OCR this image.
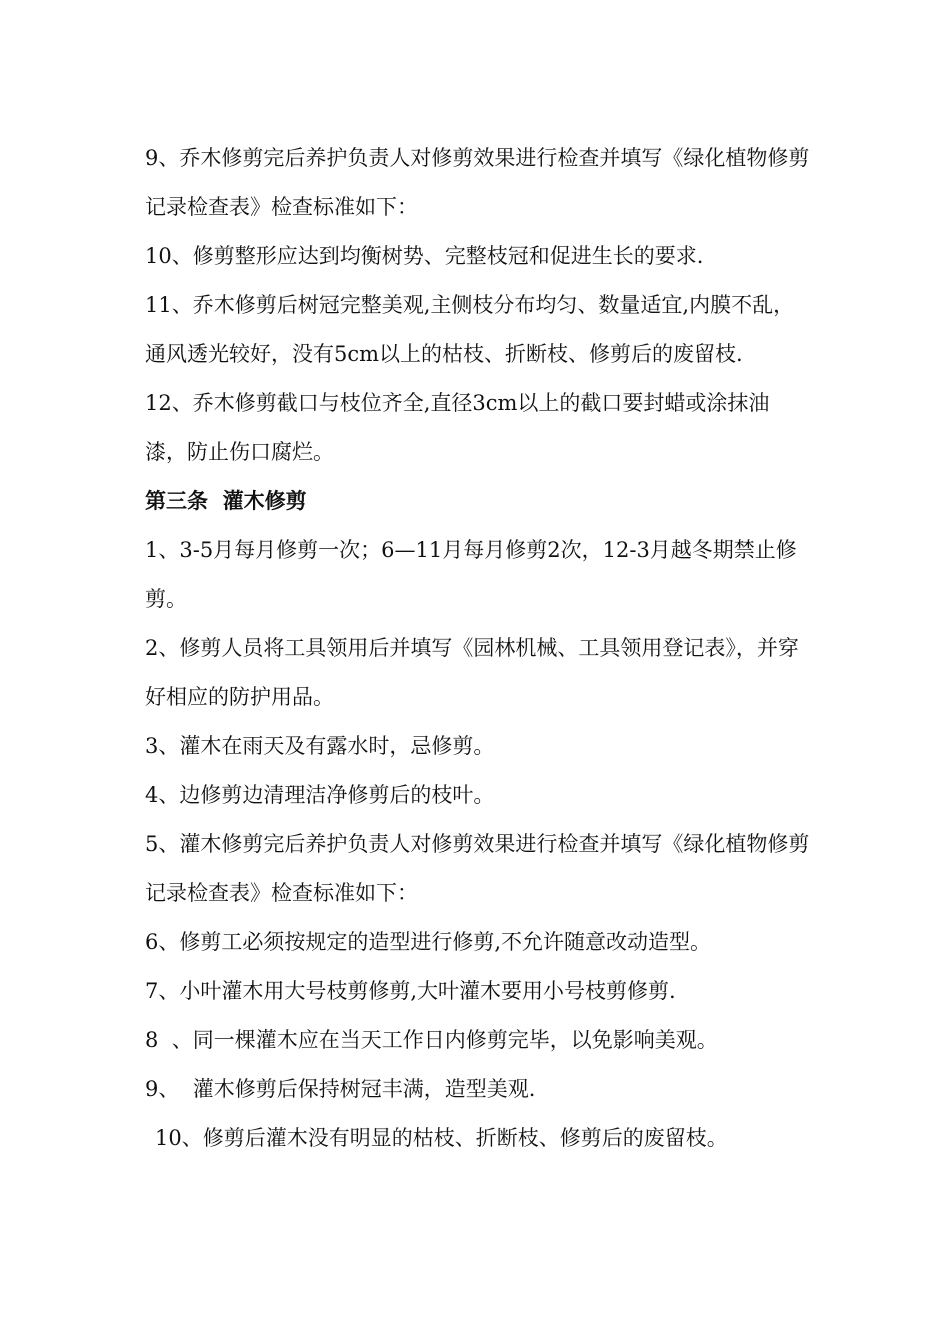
9、乔木修剪完后养护负责人对修剪效果进行检查并填写《绿化植物修剪记录检查表》检查标准如下：

10、修剪整形应达到均衡树势、完整枝冠和促进生长的要求.

11、乔木修剪后树冠完整美观,主侧枝分布均匀、数量适宜,内膜不乱，通风透光较好，没有5cm以上的枯枝、折断枝、修剪后的废留枝.

12、乔木修剪截口与枝位齐全,直径3cm以上的截口要封蜡或涂抹油漆，防止伤口腐烂。

第三条  灌木修剪

1、3-5月每月修剪一次；6—11月每月修剪2次，12-3月越冬期禁止修剪。

2、修剪人员将工具领用后并填写《园林机械、工具领用登记表》，并穿好相应的防护用品。

3、灌木在雨天及有露水时，忌修剪。

4、边修剪边清理洁净修剪后的枝叶。

5、灌木修剪完后养护负责人对修剪效果进行检查并填写《绿化植物修剪记录检查表》检查标准如下：

6、修剪工必须按规定的造型进行修剪,不允许随意改动造型。

7、小叶灌木用大号枝剪修剪,大叶灌木要用小号枝剪修剪.

8  、同一棵灌木应在当天工作日内修剪完毕，以免影响美观。

9、  灌木修剪后保持树冠丰满，造型美观.

10、修剪后灌木没有明显的枯枝、折断枝、修剪后的废留枝。
